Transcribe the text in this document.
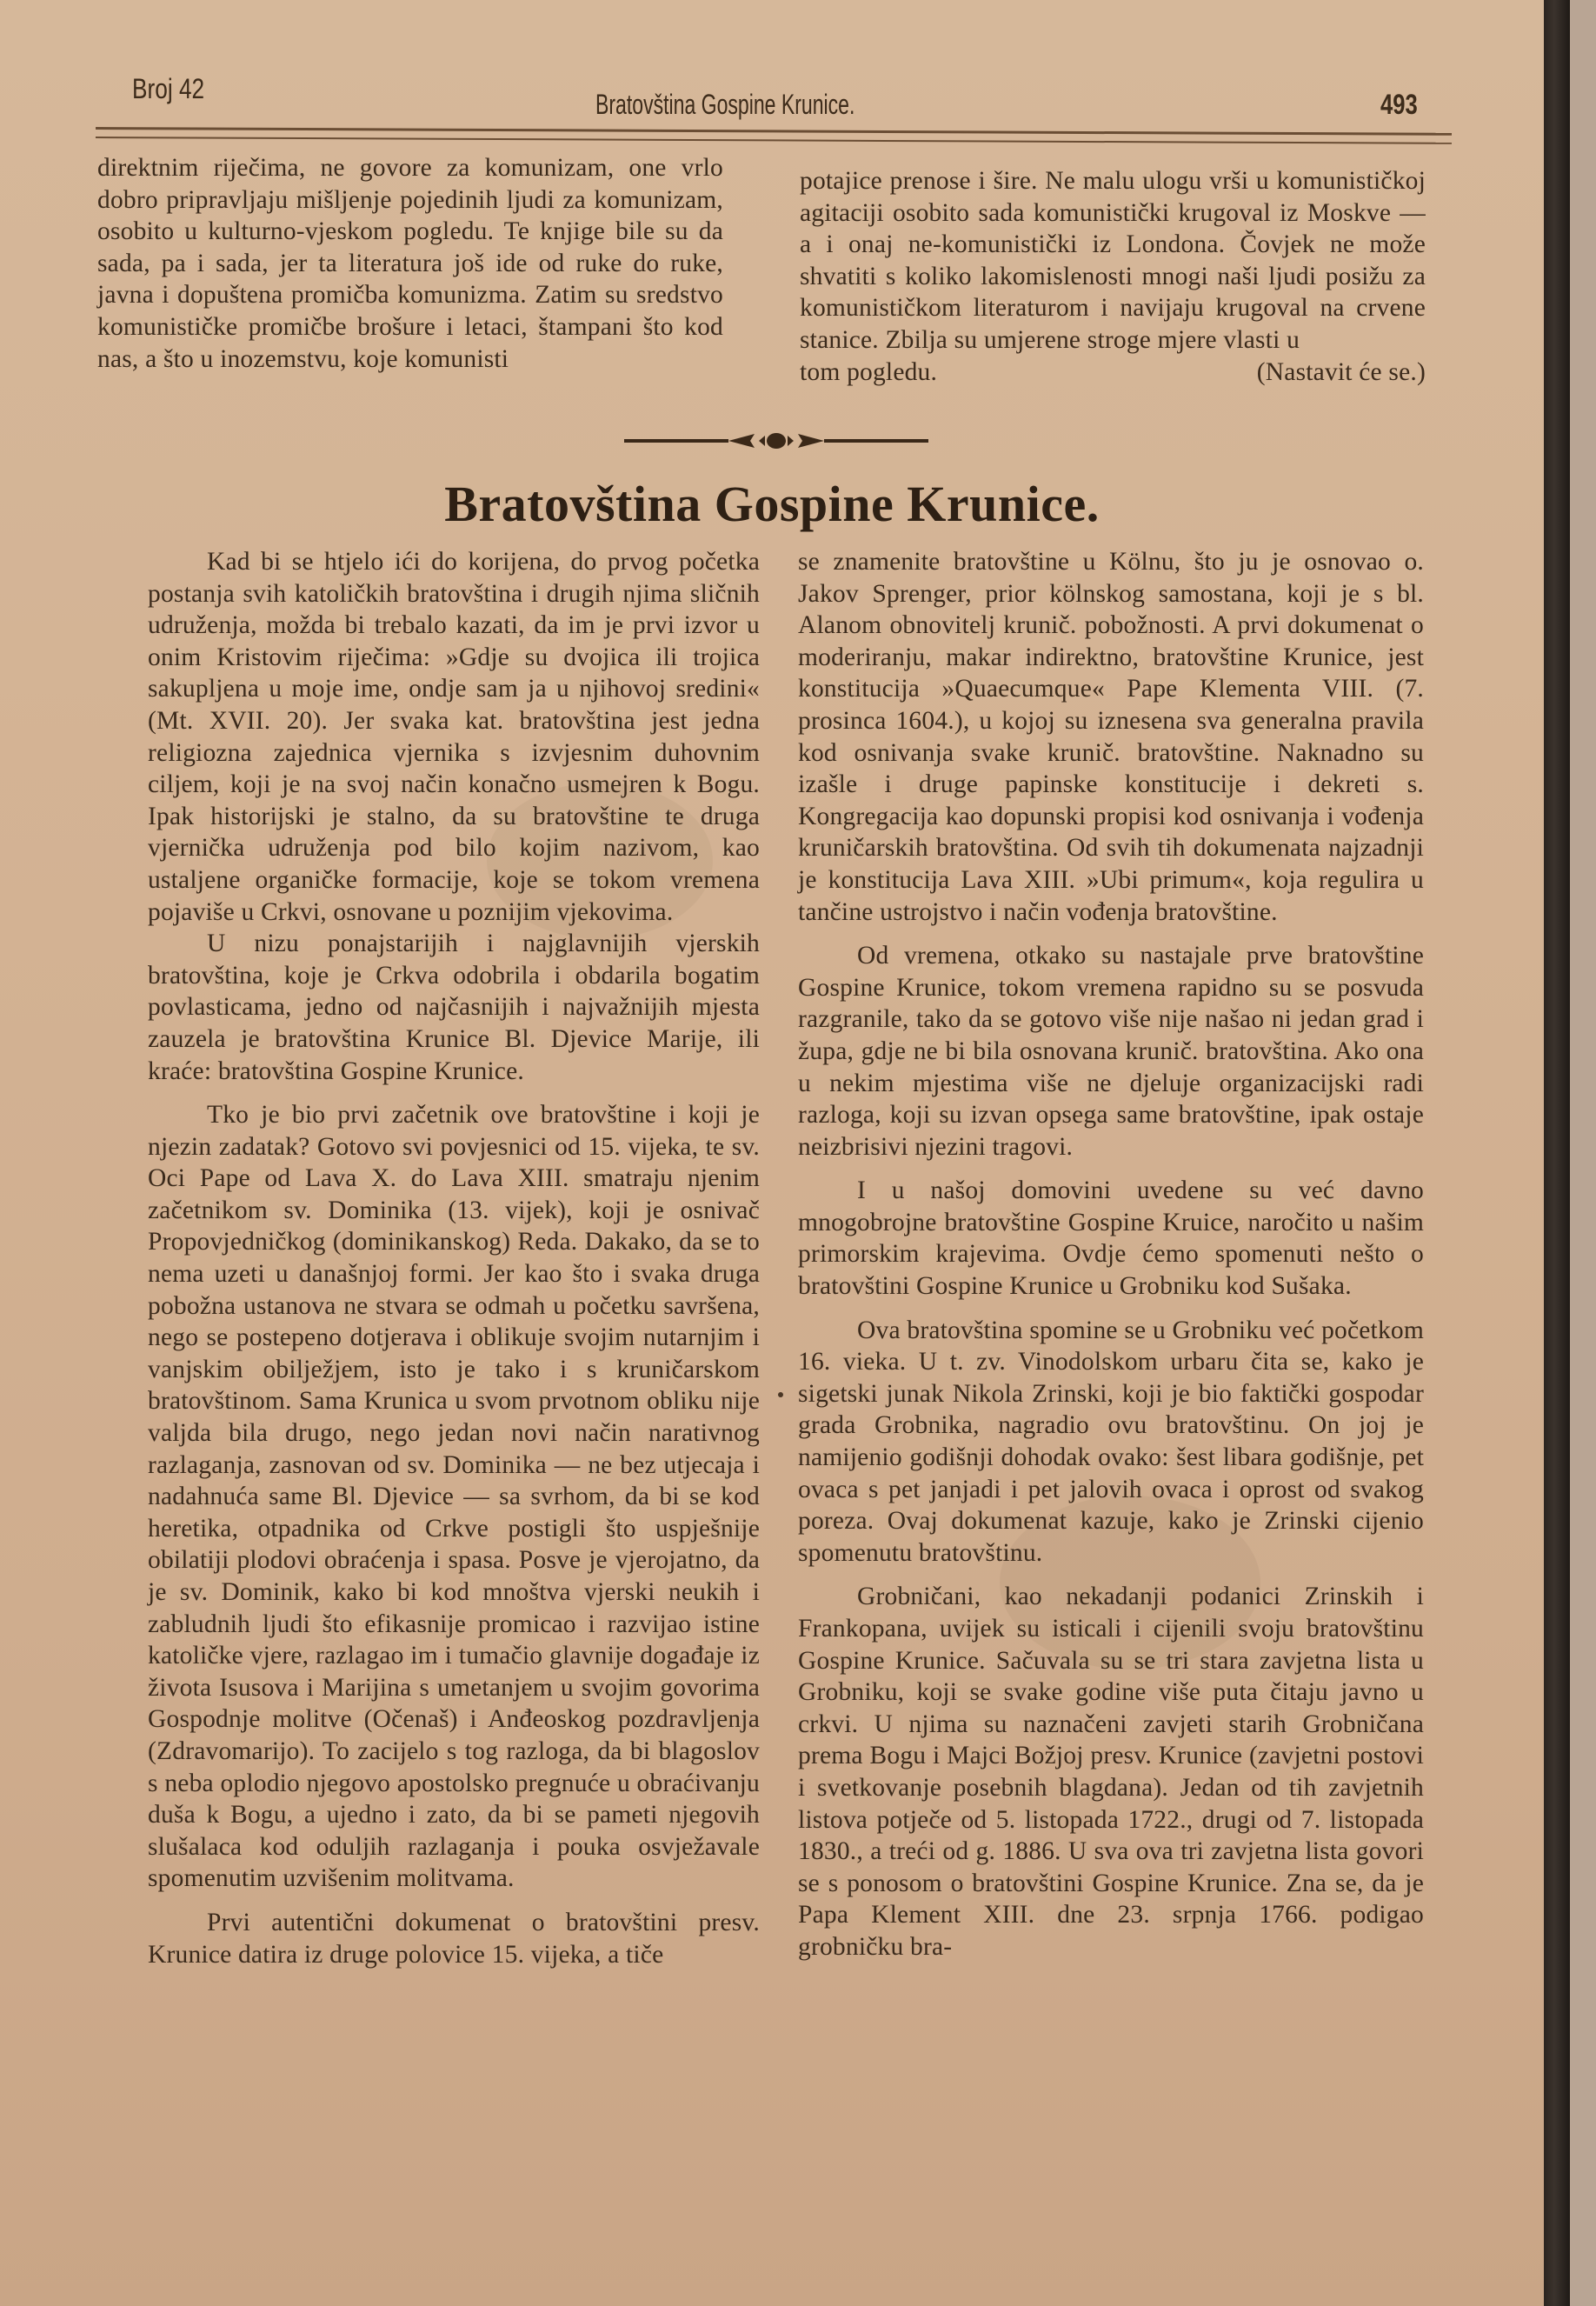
Broj 42	Bratovština Gospine Krunice.	493

direktnim riječima, ne govore za komunizam, one vrlo dobro pripravljaju mišljenje pojedinih ljudi za komunizam, osobito u kulturno-vjeskom pogledu. Te knjige bile su da sada, pa i sada, jer ta literatura još ide od ruke do ruke, javna i dopuštena promičba komunizma. Zatim su sredstvo komunističke promičbe brošure i letaci, štampani što kod nas, a što u inozemstvu, koje komunisti

potajice prenose i šire. Ne malu ulogu vrši u komunističkoj agitaciji osobito sada komunistički krugoval iz Moskve — a i onaj ne-komunistički iz Londona. Čovjek ne može shvatiti s koliko lakomislenosti mnogi naši ljudi posižu za komunističkom literaturom i navijaju krugoval na crvene stanice. Zbilja su umjerene stroge mjere vlasti u

tom pogledu.	(Nastavit će se.)
Bratovština Gospine Krunice.

Kad bi se htjelo ići do korijena, do prvog početka postanja svih katoličkih bratovština i drugih njima sličnih udruženja, možda bi trebalo kazati, da im je prvi izvor u onim Kristovim riječima: »Gdje su dvojica ili trojica sakupljena u moje ime, ondje sam ja u njihovoj sredini« (Mt. XVII. 20). Jer svaka kat. bratovština jest jedna religiozna zajednica vjernika s izvjesnim duhovnim ciljem, koji je na svoj način konačno usmejren k Bogu. Ipak historijski je stalno, da su bratovštine te druga vjernička udruženja pod bilo kojim nazivom, kao ustaljene organičke formacije, koje se tokom vremena pojaviše u Crkvi, osnovane u poznijim vjekovima.

U nizu ponajstarijih i najglavnijih vjerskih bratovština, koje je Crkva odobrila i obdarila bogatim povlasticama, jedno od najčasnijih i najvažnijih mjesta zauzela je bratovština Krunice Bl. Djevice Marije, ili kraće: bratovština Gospine Krunice.

Tko je bio prvi začetnik ove bratovštine i koji je njezin zadatak? Gotovo svi povjesnici od 15. vijeka, te sv. Oci Pape od Lava X. do Lava XIII. smatraju njenim začetnikom sv. Dominika (13. vijek), koji je osnivač Propovjedničkog (dominikanskog) Reda. Dakako, da se to nema uzeti u današnjoj formi. Jer kao što i svaka druga pobožna ustanova ne stvara se odmah u početku savršena, nego se postepeno dotjerava i oblikuje svojim nutarnjim i vanjskim obilježjem, isto je tako i s kruničarskom bratovštinom. Sama Krunica u svom prvotnom obliku nije valjda bila drugo, nego jedan novi način narativnog razlaganja, zasnovan od sv. Dominika — ne bez utjecaja i nadahnuća same Bl. Djevice — sa svrhom, da bi se kod heretika, otpadnika od Crkve postigli što uspješnije obilatiji plodovi obraćenja i spasa. Posve je vjerojatno, da je sv. Dominik, kako bi kod mnoštva vjerski neukih i zabludnih ljudi što efikasnije promicao i razvijao istine katoličke vjere, razlagao im i tumačio glavnije događaje iz života Isusova i Marijina s umetanjem u svojim govorima Gospodnje molitve (Očenaš) i Anđeoskog pozdravljenja (Zdravomarijo). To zacijelo s tog razloga, da bi blagoslov s neba oplodio njegovo apostolsko pregnuće u obraćivanju duša k Bogu, a ujedno i zato, da bi se pameti njegovih slušalaca kod odulјih razlaganja i pouka osvježavale spomenutim uzvišenim molitvama.

Prvi autentični dokumenat o bratovštini presv. Krunice datira iz druge polovice 15. vijeka, a tiče

se znamenite bratovštine u Kölnu, što ju je osnovao o. Jakov Sprenger, prior kölnskog samostana, koji je s bl. Alanom obnovitelj krunič. pobožnosti. A prvi dokumenat o moderiranju, makar indirektno, bratovštine Krunice, jest konstitucija »Quaecumque« Pape Klementa VIII. (7. prosinca 1604.), u kojoj su iznesena sva generalna pravila kod osnivanja svake krunič. bratovštine. Naknadno su izašle i druge papinske konstitucije i dekreti s. Kongregacija kao dopunski propisi kod osnivanja i vođenja kruničarskih bratovština. Od svih tih dokumenata najzadnji je konstitucija Lava XIII. »Ubi primum«, koja regulira u tančine ustrojstvo i način vođenja bratovštine.

Od vremena, otkako su nastajale prve bratovštine Gospine Krunice, tokom vremena rapidno su se posvuda razgranile, tako da se gotovo više nije našao ni jedan grad i župa, gdje ne bi bila osnovana krunič. bratovština. Ako ona u nekim mjestima više ne djeluje organizacijski radi razloga, koji su izvan opsega same bratovštine, ipak ostaje neizbrisivi njezini tragovi.

I u našoj domovini uvedene su već davno mnogobrojne bratovštine Gospine Kruice, naročito u našim primorskim krajevima. Ovdje ćemo spomenuti nešto o bratovštini Gospine Krunice u Grobniku kod Sušaka.

Ova bratovština spomine se u Grobniku već početkom 16. vieka. U t. zv. Vinodolskom urbaru čita se, kako je sigetski junak Nikola Zrinski, koji je bio faktički gospodar grada Grobnika, nagradio ovu bratovštinu. On joj je namijenio godišnji dohodak ovako: šest libara godišnje, pet ovaca s pet janjadi i pet jalovih ovaca i oprost od svakog poreza. Ovaj dokumenat kazuje, kako je Zrinski cijenio spomenutu bratovštinu.

Grobničani, kao nekadanji podanici Zrinskih i Frankopana, uvijek su isticali i cijenili svoju bratovštinu Gospine Krunice. Sačuvala su se tri stara zavjetna lista u Grobniku, koji se svake godine više puta čitaju javno u crkvi. U njima su naznačeni zavjeti starih Grobničana prema Bogu i Majci Božjoj presv. Krunice (zavjetni postovi i svetkovanje posebnih blagdana). Jedan od tih zavjetnih listova potječe od 5. listopada 1722., drugi od 7. listopada 1830., a treći od g. 1886. U sva ova tri zavjetna lista govori se s ponosom o bratovštini Gospine Krunice. Zna se, da je Papa Klement XIII. dne 23. srpnja 1766. podigao grobničku bra-
